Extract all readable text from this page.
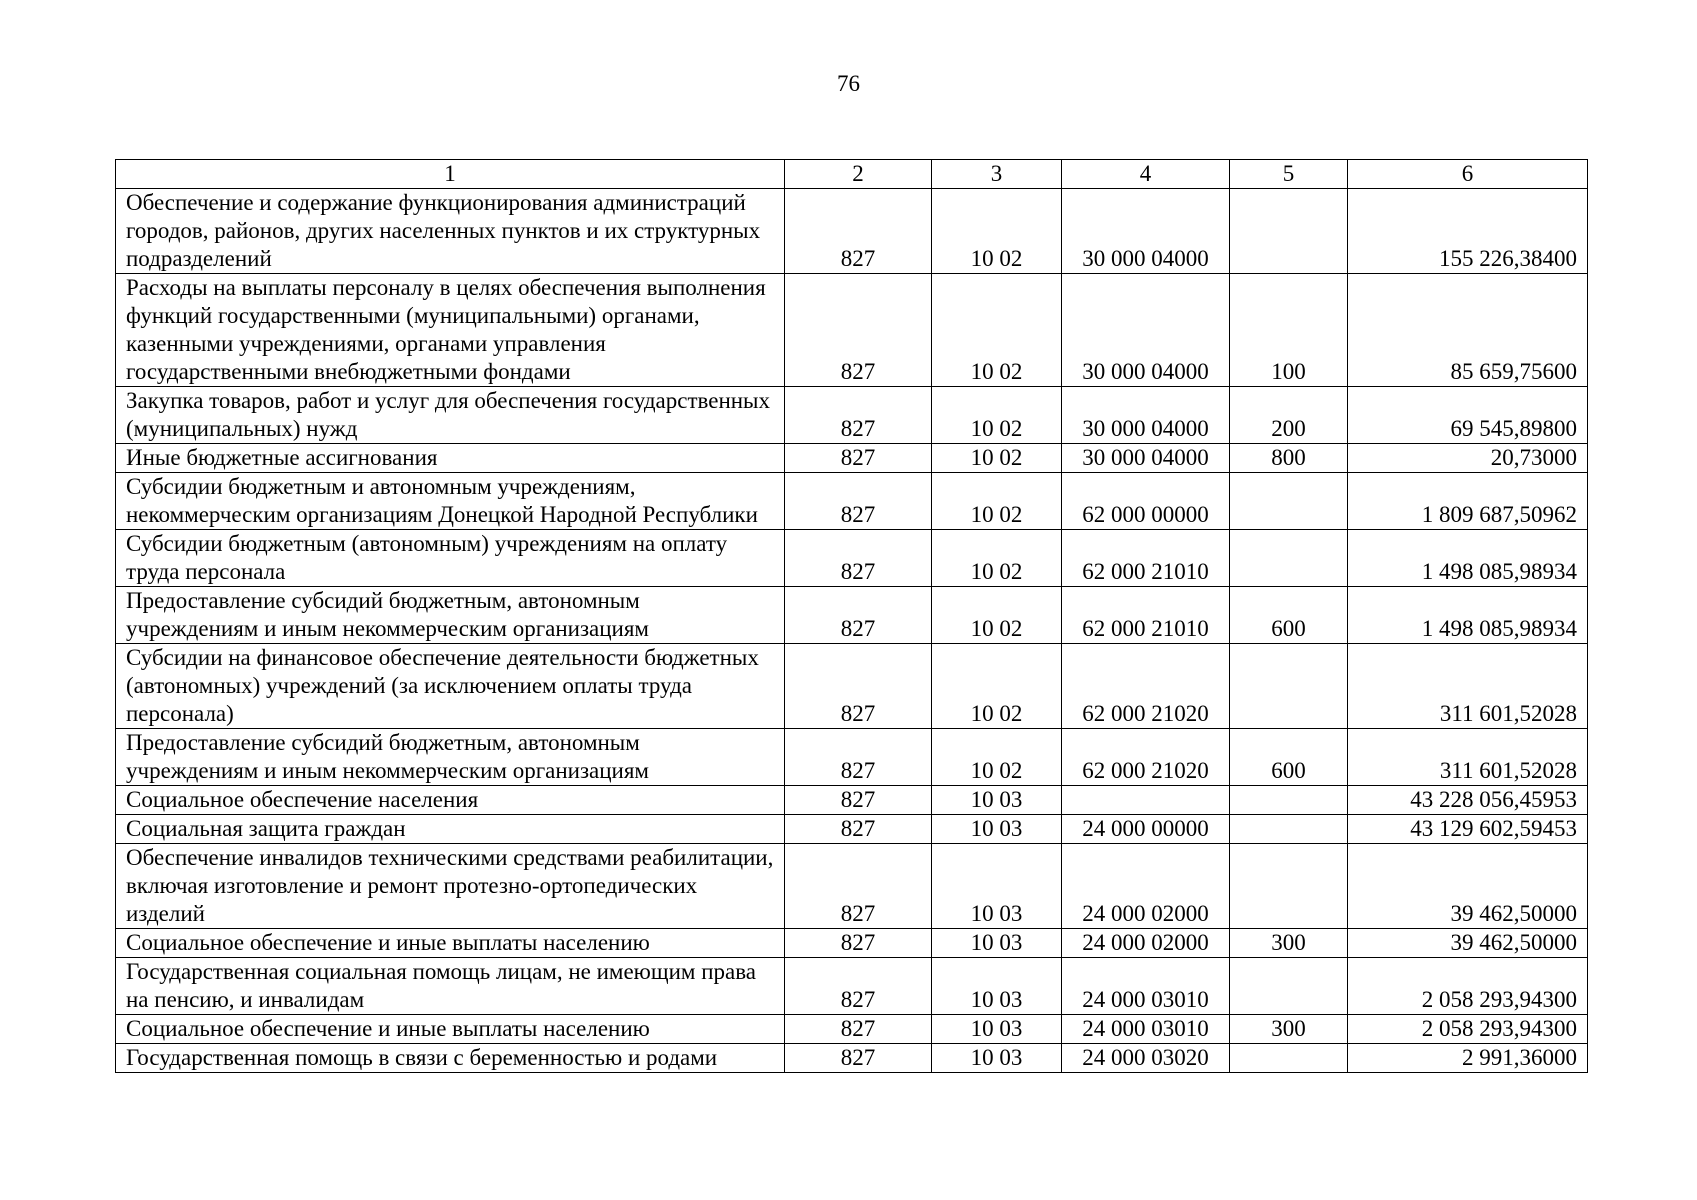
76
1	2	3	4	5	6
Обеспечение и содержание функционирования администраций городов, районов, других населенных пунктов и их структурных подразделений	827	10 02	30 000 04000		155 226,38400
Расходы на выплаты персоналу в целях обеспечения выполнения функций государственными (муниципальными) органами, казенными учреждениями, органами управления государственными внебюджетными фондами	827	10 02	30 000 04000	100	85 659,75600
Закупка товаров, работ и услуг для обеспечения государственных (муниципальных) нужд	827	10 02	30 000 04000	200	69 545,89800
Иные бюджетные ассигнования	827	10 02	30 000 04000	800	20,73000
Субсидии бюджетным и автономным учреждениям, некоммерческим организациям Донецкой Народной Республики	827	10 02	62 000 00000		1 809 687,50962
Субсидии бюджетным (автономным) учреждениям на оплату труда персонала	827	10 02	62 000 21010		1 498 085,98934
Предоставление субсидий бюджетным, автономным учреждениям и иным некоммерческим организациям	827	10 02	62 000 21010	600	1 498 085,98934
Субсидии на финансовое обеспечение деятельности бюджетных (автономных) учреждений (за исключением оплаты труда персонала)	827	10 02	62 000 21020		311 601,52028
Предоставление субсидий бюджетным, автономным учреждениям и иным некоммерческим организациям	827	10 02	62 000 21020	600	311 601,52028
Социальное обеспечение населения	827	10 03			43 228 056,45953
Социальная защита граждан	827	10 03	24 000 00000		43 129 602,59453
Обеспечение инвалидов техническими средствами реабилитации, включая изготовление и ремонт протезно-ортопедических изделий	827	10 03	24 000 02000		39 462,50000
Социальное обеспечение и иные выплаты населению	827	10 03	24 000 02000	300	39 462,50000
Государственная социальная помощь лицам, не имеющим права на пенсию, и инвалидам	827	10 03	24 000 03010		2 058 293,94300
Социальное обеспечение и иные выплаты населению	827	10 03	24 000 03010	300	2 058 293,94300
Государственная помощь в связи с беременностью и родами	827	10 03	24 000 03020		2 991,36000
